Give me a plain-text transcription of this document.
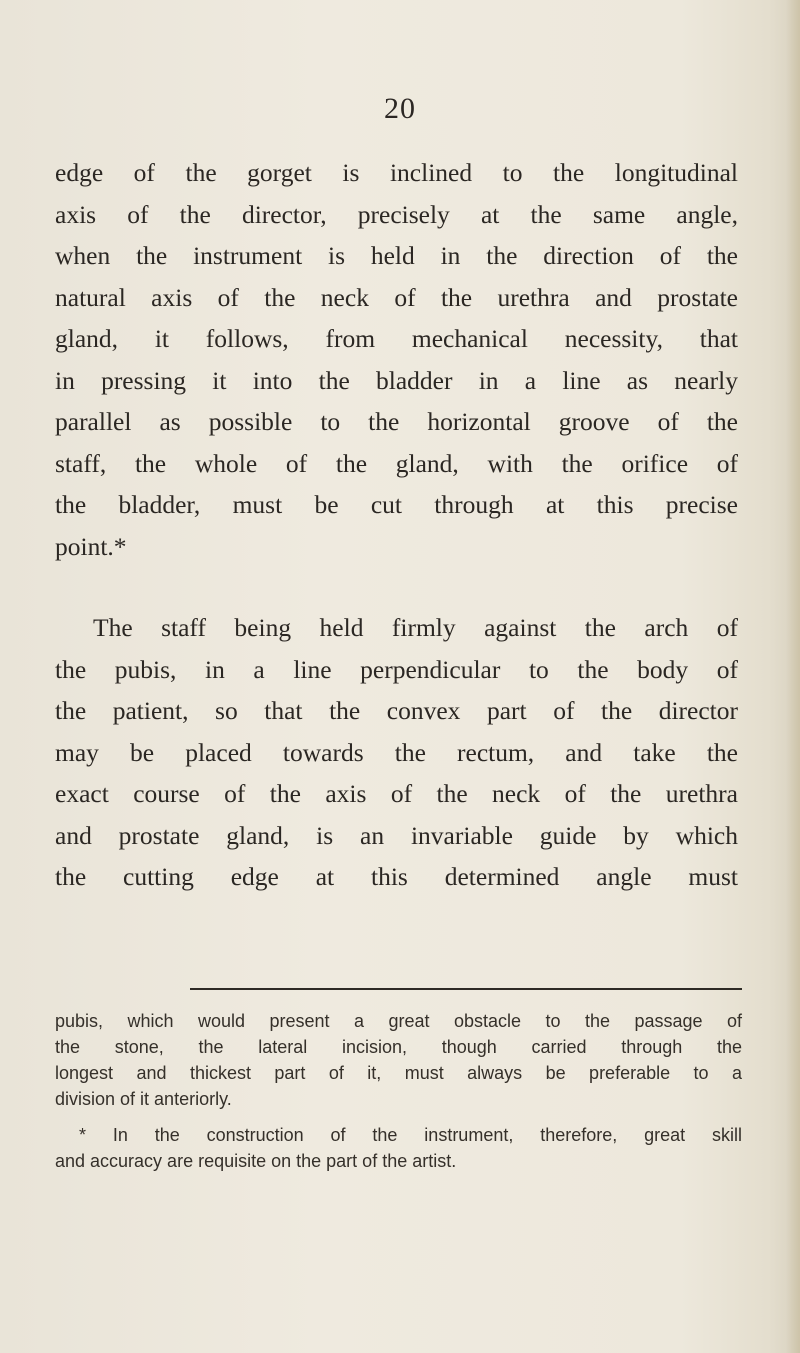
20
edge of the gorget is inclined to the longitudinal
axis of the director, precisely at the same angle,
when the instrument is held in the direction of the
natural axis of the neck of the urethra and prostate
gland, it follows, from mechanical necessity, that
in pressing it into the bladder in a line as nearly
parallel as possible to the horizontal groove of the
staff, the whole of the gland, with the orifice of
the bladder, must be cut through at this precise
point.*
The staff being held firmly against the arch of
the pubis, in a line perpendicular to the body of
the patient, so that the convex part of the director
may be placed towards the rectum, and take the
exact course of the axis of the neck of the urethra
and prostate gland, is an invariable guide by which
the cutting edge at this determined angle must
pubis, which would present a great obstacle to the passage of
the stone, the lateral incision, though carried through the
longest and thickest part of it, must always be preferable to a
division of it anteriorly.
* In the construction of the instrument, therefore, great skill
and accuracy are requisite on the part of the artist.
